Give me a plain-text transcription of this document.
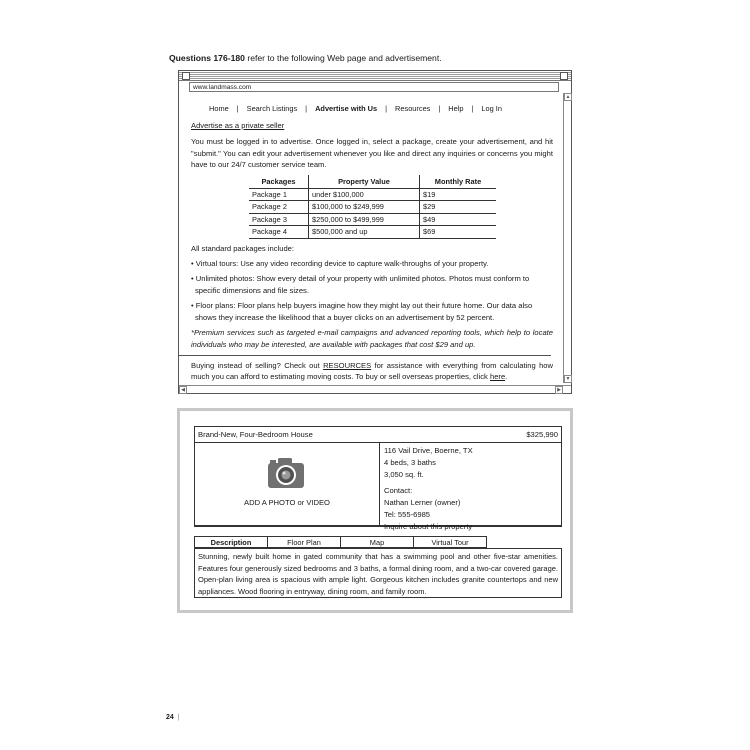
Questions 176-180 refer to the following Web page and advertisement.
www.landmass.com
▲
▼
◀	▶
Home | Search Listings | Advertise with Us | Resources | Help | Log In

Advertise as a private seller

You must be logged in to advertise. Once logged in, select a package, create your advertisement, and hit "submit." You can edit your advertisement whenever you like and direct any inquiries or concerns you might have to our 24/7 customer service team.

Packages	Property Value	Monthly Rate
Package 1	under $100,000	$19
Package 2	$100,000 to $249,999	$29
Package 3	$250,000 to $499,999	$49
Package 4	$500,000 and up	$69

All standard packages include:

• Virtual tours: Use any video recording device to capture walk-throughs of your property.

• Unlimited photos: Show every detail of your property with unlimited photos. Photos must conform to specific dimensions and file sizes.

• Floor plans: Floor plans help buyers imagine how they might lay out their future home. Our data also shows they increase the likelihood that a buyer clicks on an advertisement by 52 percent.

*Premium services such as targeted e-mail campaigns and advanced reporting tools, which help to locate individuals who may be interested, are available with packages that cost $29 and up.

Buying instead of selling? Check out RESOURCES for assistance with everything from calculating how much you can afford to estimating moving costs. To buy or sell overseas properties, click here.

Brand-New, Four-Bedroom House	$325,990
ADD A PHOTO or VIDEO
116 Vail Drive, Boerne, TX
4 beds, 3 baths
3,050 sq. ft.
Contact:
Nathan Lerner (owner)
Tel: 555-6985
Inquire about this property
Description	Floor Plan	Map	Virtual Tour
Stunning, newly built home in gated community that has a swimming pool and other five-star amenities. Features four generously sized bedrooms and 3 baths, a formal dining room, and a two-car covered garage. Open-plan living area is spacious with ample light. Gorgeous kitchen includes granite countertops and new appliances. Wood flooring in entryway, dining room, and family room.
24 |
